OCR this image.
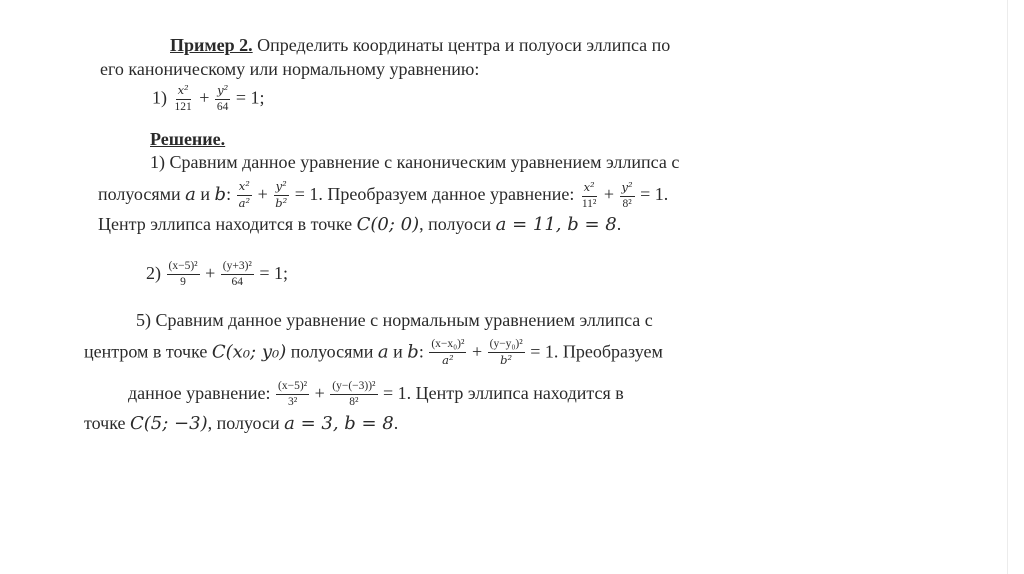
Пример 2. Определить координаты центра и полуоси эллипса по
его каноническому или нормальному уравнению:
$1) \frac{\text{x²}}{121} + \frac{\text{y²}}{64} = 1$;
Решение.
1) Сравним данное уравнение с каноническим уравнением эллипса с
полуосями a и b: $\frac{\text{x²}}{\text{a²}} + \frac{\text{y²}}{\text{b²}} = 1$. Преобразуем данное уравнение: $\frac{\text{x²}}{\text{11²}} + \frac{\text{y²}}{\text{8²}} = 1$.
Центр эллипса находится в точке C(0; 0), полуоси a = 11, b = 8.
$2) \frac{\text{(x−5)²}}{9} + \frac{\text{(y+3)²}}{64} = 1$;
5) Сравним данное уравнение с нормальным уравнением эллипса с
центром в точке C(x₀; y₀) полуосями a и b: $\frac{\text{(x−x₀)²}}{\text{a²}} + \frac{\text{(y−y₀)²}}{\text{b²}} = 1$. Преобразуем
данное уравнение: $\frac{\text{(x−5)²}}{\text{3²}} + \frac{\text{(y−(−3))²}}{\text{8²}} = 1$. Центр эллипса находится в
точке C(5; −3), полуоси a = 3, b = 8.
